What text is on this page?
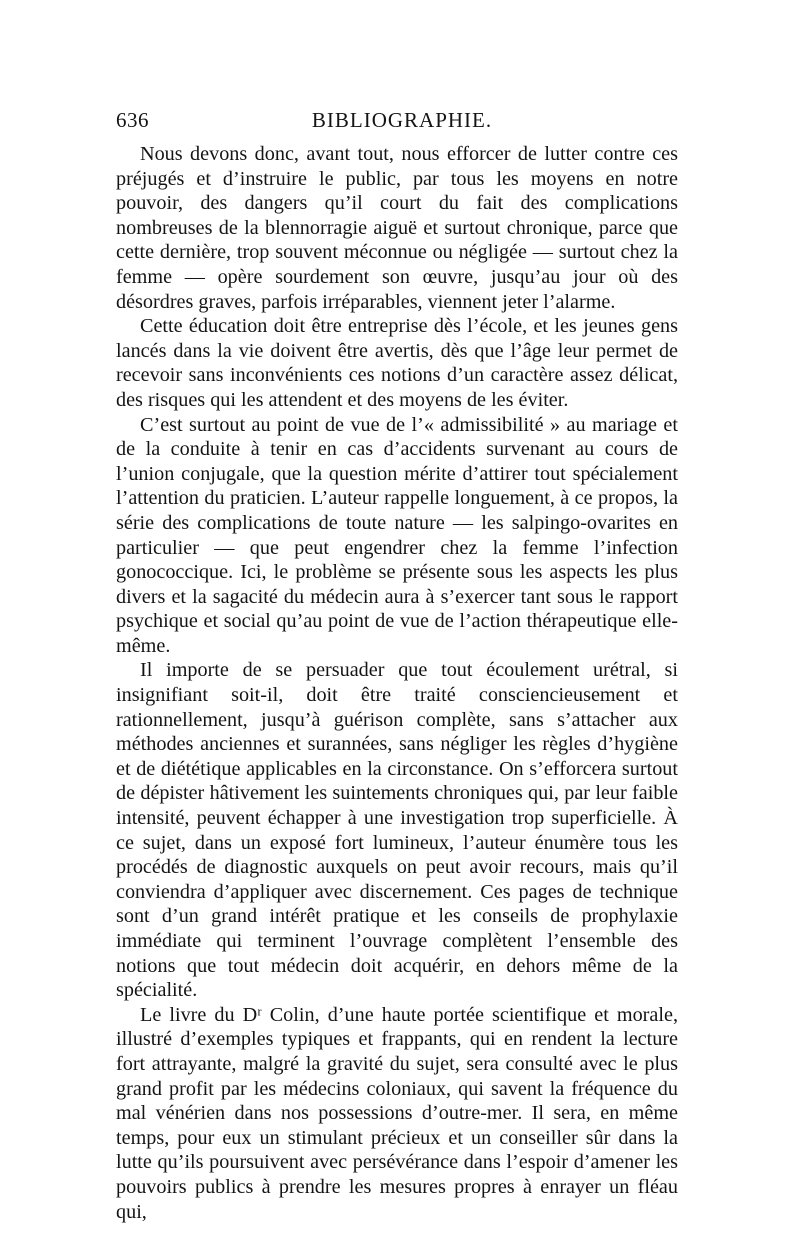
636	BIBLIOGRAPHIE.

Nous devons donc, avant tout, nous efforcer de lutter contre ces préjugés et d’instruire le public, par tous les moyens en notre pouvoir, des dangers qu’il court du fait des complications nombreuses de la blennorragie aiguë et surtout chronique, parce que cette dernière, trop souvent méconnue ou négligée — surtout chez la femme — opère sourdement son œuvre, jusqu’au jour où des désordres graves, parfois irréparables, viennent jeter l’alarme.

Cette éducation doit être entreprise dès l’école, et les jeunes gens lancés dans la vie doivent être avertis, dès que l’âge leur permet de recevoir sans inconvénients ces notions d’un caractère assez délicat, des risques qui les attendent et des moyens de les éviter.

C’est surtout au point de vue de l’« admissibilité » au mariage et de la conduite à tenir en cas d’accidents survenant au cours de l’union conjugale, que la question mérite d’attirer tout spécialement l’attention du praticien. L’auteur rappelle longuement, à ce propos, la série des complications de toute nature — les salpingo-ovarites en particulier — que peut engendrer chez la femme l’infection gonococcique. Ici, le problème se présente sous les aspects les plus divers et la sagacité du médecin aura à s’exercer tant sous le rapport psychique et social qu’au point de vue de l’action thérapeutique elle-même.

Il importe de se persuader que tout écoulement urétral, si insignifiant soit-il, doit être traité consciencieusement et rationnellement, jusqu’à guérison complète, sans s’attacher aux méthodes anciennes et surannées, sans négliger les règles d’hygiène et de diététique applicables en la circonstance. On s’efforcera surtout de dépister hâtivement les suintements chroniques qui, par leur faible intensité, peuvent échapper à une investigation trop superficielle. À ce sujet, dans un exposé fort lumineux, l’auteur énumère tous les procédés de diagnostic auxquels on peut avoir recours, mais qu’il conviendra d’appliquer avec discernement. Ces pages de technique sont d’un grand intérêt pratique et les conseils de prophylaxie immédiate qui terminent l’ouvrage complètent l’ensemble des notions que tout médecin doit acquérir, en dehors même de la spécialité.

Le livre du Dʳ Colin, d’une haute portée scientifique et morale, illustré d’exemples typiques et frappants, qui en rendent la lecture fort attrayante, malgré la gravité du sujet, sera consulté avec le plus grand profit par les médecins coloniaux, qui savent la fréquence du mal vénérien dans nos possessions d’outre-mer. Il sera, en même temps, pour eux un stimulant précieux et un conseiller sûr dans la lutte qu’ils poursuivent avec persévérance dans l’espoir d’amener les pouvoirs publics à prendre les mesures propres à enrayer un fléau qui,
